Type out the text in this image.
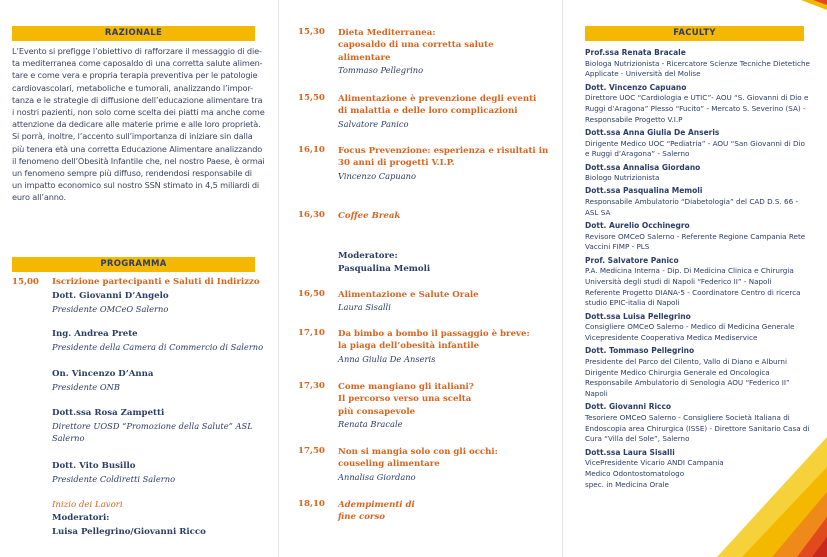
RAZIONALE
L’Evento si prefigge l’obiettivo di rafforzare il messaggio di die-
ta mediterranea come caposaldo di una corretta salute alimen-
tare e come vera e propria terapia preventiva per le patologie
cardiovascolari, metaboliche e tumorali, analizzando l’impor-
tanza e le strategie di diffusione dell’educazione alimentare tra
i nostri pazienti, non solo come scelta dei piatti ma anche come
attenzione da dedicare alle materie prime e alle loro proprietà.
Si porrà, inoltre, l’accento sull’importanza di iniziare sin dalla
più tenera età una corretta Educazione Alimentare analizzando
il fenomeno dell’Obesità Infantile che, nel nostro Paese, è ormai
un fenomeno sempre più diffuso, rendendosi responsabile di
un impatto economico sul nostro SSN stimato in 4,5 miliardi di
euro all’anno.
PROGRAMMA
15,00 Iscrizione partecipanti e Saluti di Indirizzo
Dott. Giovanni D’Angelo
Presidente OMCeO Salerno
Ing. Andrea Prete
Presidente della Camera di Commercio di Salerno
On. Vincenzo D’Anna
Presidente ONB
Dott.ssa Rosa Zampetti
Direttore UOSD “Promozione della Salute” ASL
Salerno
Dott. Vito Busillo
Presidente Coldiretti Salerno
Inizio dei Lavori
Moderatori:
Luisa Pellegrino/Giovanni Ricco
15,30 Dieta Mediterranea:
caposaldo di una corretta salute
alimentare
Tommaso Pellegrino
15,50 Alimentazione è prevenzione degli eventi
di malattia e delle loro complicazioni
Salvatore Panico
16,10 Focus Prevenzione: esperienza e risultati in
30 anni di progetti V.I.P.
Vincenzo Capuano
16,30 Coffee Break
Moderatore:
Pasqualina Memoli
16,50 Alimentazione e Salute Orale
Laura Sisalli
17,10 Da bimbo a bombo il passaggio è breve:
la piaga dell’obesità infantile
Anna Giulia De Anseris
17,30 Come mangiano gli italiani?
Il percorso verso una scelta
più consapevole
Renata Bracale
17,50 Non si mangia solo con gli occhi:
couseling alimentare
Annalisa Giordano
18,10 Adempimenti di
fine corso
FACULTY
Prof.ssa Renata Bracale
Biologa Nutrizionista - Ricercatore Scienze Tecniche Dietetiche
Applicate - Università del Molise
Dott. Vincenzo Capuano
Direttore UOC “Cardiologia e UTIC”- AOU “S. Giovanni di Dio e
Ruggi d’Aragona” Plesso “Fucito” - Mercato S. Severino (SA) -
Responsabile Progetto V.I.P
Dott.ssa Anna Giulia De Anseris
Dirigente Medico UOC “Pediatria” - AOU “San Giovanni di Dio
e Ruggi d’Aragona” - Salerno
Dott.ssa Annalisa Giordano
Biologo Nutrizionista
Dott.ssa Pasqualina Memoli
Responsabile Ambulatorio “Diabetologia” del CAD D.S. 66 - ASL SA
Dott. Aurelio Occhinegro
Revisore OMCeO Salerno - Referente Regione Campania Rete
Vaccini FIMP - PLS
Prof. Salvatore Panico
P.A. Medicina Interna - Dip. Di Medicina Clinica e Chirurgia
Università degli studi di Napoli “Federico II” - Napoli
Referente Progetto DIANA-5 - Coordinatore Centro di ricerca
studio EPIC-italia di Napoli
Dott.ssa Luisa Pellegrino
Consigliere OMCeO Salerno - Medico di Medicina Generale
Vicepresidente Cooperativa Medica Mediservice
Dott. Tommaso Pellegrino
Presidente del Parco del Cilento, Vallo di Diano e Alburni
Dirigente Medico Chirurgia Generale ed Oncologica
Responsabile Ambulatorio di Senologia AOU “Federico II”
Napoli
Dott. Giovanni Ricco
Tesoriere OMCeO Salerno - Consigliere Società Italiana di
Endoscopia area Chirurgica (ISSE) - Direttore Sanitario Casa di
Cura “Villa del Sole”, Salerno
Dott.ssa Laura Sisalli
VicePresidente Vicario ANDI Campania
Medico Odontostomatologo
spec. in Medicina Orale
